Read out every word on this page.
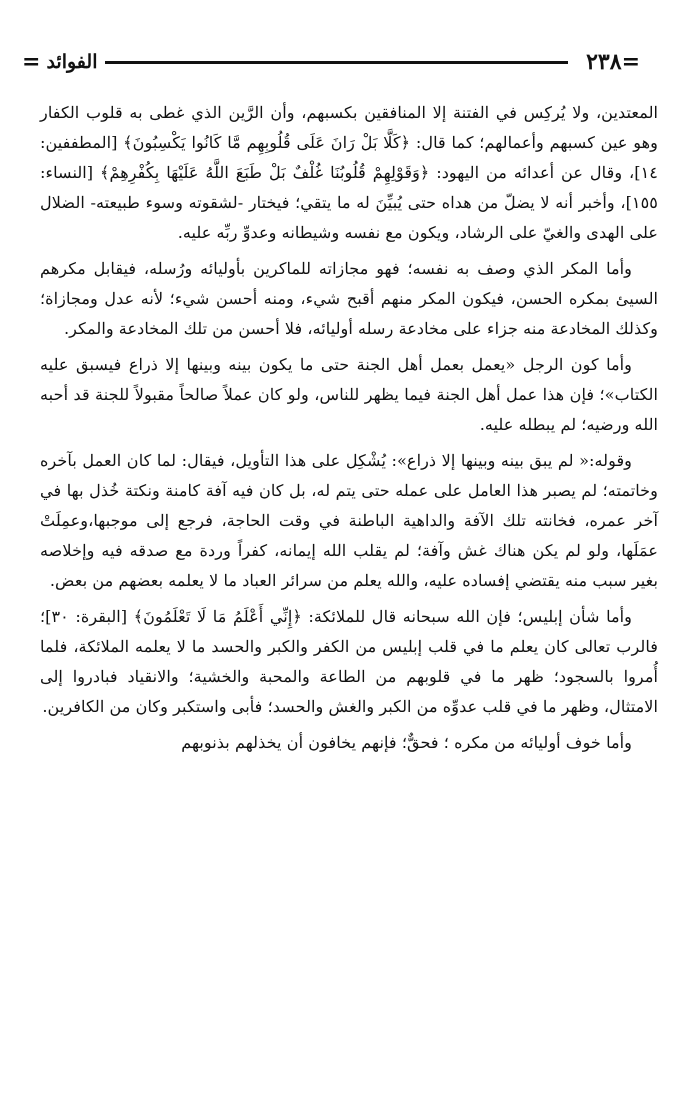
=
٢٣٨
الفوائد
=

المعتدين، ولا يُركِس في الفتنة إلا المنافقين بكسبهم، وأن الرَّين الذي غطى به قلوب الكفار وهو عين كسبهم وأعمالهم؛ كما قال: ﴿كَلَّا بَلْ رَانَ عَلَى قُلُوبِهِم مَّا كَانُوا يَكْسِبُونَ﴾ [المطففين: ١٤]، وقال عن أعدائه من اليهود: ﴿وَقَوْلِهِمْ قُلُوبُنَا غُلْفٌ بَلْ طَبَعَ اللَّهُ عَلَيْهَا بِكُفْرِهِمْ﴾ [النساء: ١٥٥]، وأخبر أنه لا يضلّ من هداه حتى يُبيِّنَ له ما يتقي؛ فيختار -لشقوته وسوء طبيعته- الضلال على الهدى والغيّ على الرشاد، ويكون مع نفسه وشيطانه وعدوِّ ربِّه عليه.

وأما المكر الذي وصف به نفسه؛ فهو مجازاته للماكرين بأوليائه ورُسله، فيقابل مكرهم السيئ بمكره الحسن، فيكون المكر منهم أقبح شيء، ومنه أحسن شيء؛ لأنه عدل ومجازاة؛ وكذلك المخادعة منه جزاء على مخادعة رسله أوليائه، فلا أحسن من تلك المخادعة والمكر.

وأما كون الرجل «يعمل بعمل أهل الجنة حتى ما يكون بينه وبينها إلا ذراع فيسبق عليه الكتاب»؛ فإن هذا عمل أهل الجنة فيما يظهر للناس، ولو كان عملاً صالحاً مقبولاً للجنة قد أحبه الله ورضيه؛ لم يبطله عليه.

وقوله:« لم يبق بينه وبينها إلا ذراع»: يُشْكِل على هذا التأويل، فيقال: لما كان العمل بآخره وخاتمته؛ لم يصبر هذا العامل على عمله حتى يتم له، بل كان فيه آفة كامنة ونكتة خُذل بها في آخر عمره، فخانته تلك الآفة والداهية الباطنة في وقت الحاجة، فرجع إلى موجبها،وعمِلَتْ عمَلَها، ولو لم يكن هناك غش وآفة؛ لم يقلب الله إيمانه، كفراً وردة مع صدقه فيه وإخلاصه بغير سبب منه يقتضي إفساده عليه، والله يعلم من سرائر العباد ما لا يعلمه بعضهم من بعض.

وأما شأن إبليس؛ فإن الله سبحانه قال للملائكة: ﴿إِنِّي أَعْلَمُ مَا لَا تَعْلَمُونَ﴾ [البقرة: ٣٠]؛ فالرب تعالى كان يعلم ما في قلب إبليس من الكفر والكبر والحسد ما لا يعلمه الملائكة، فلما أُمروا بالسجود؛ ظهر ما في قلوبهم من الطاعة والمحبة والخشية؛ والانقياد فبادروا إلى الامتثال، وظهر ما في قلب عدوِّه من الكبر والغش والحسد؛ فأبى واستكبر وكان من الكافرين.

وأما خوف أوليائه من مكره ؛ فحقٌّ؛ فإنهم يخافون أن يخذلهم بذنوبهم
